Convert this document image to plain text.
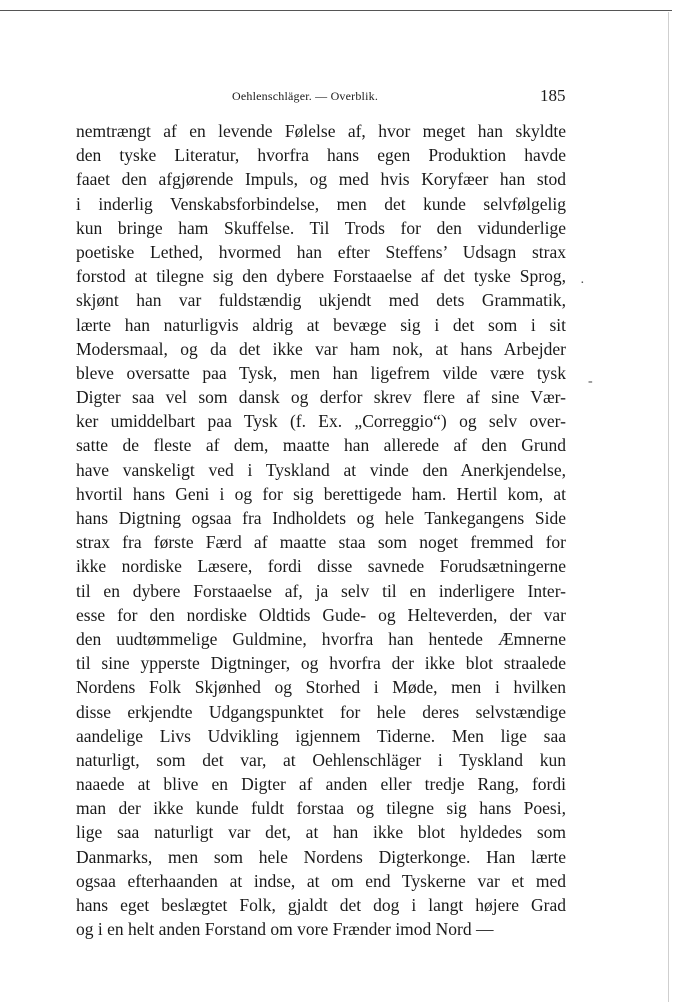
Oehlenschläger. — Overblik.	185
nemtrængt af en levende Følelse af, hvor meget han skyldte
den tyske Literatur, hvorfra hans egen Produktion havde
faaet den afgjørende Impuls, og med hvis Koryfæer han stod
i inderlig Venskabsforbindelse, men det kunde selvfølgelig
kun bringe ham Skuffelse. Til Trods for den vidunderlige
poetiske Lethed, hvormed han efter Steffens’ Udsagn strax
forstod at tilegne sig den dybere Forstaaelse af det tyske Sprog,
skjønt han var fuldstændig ukjendt med dets Grammatik,
lærte han naturligvis aldrig at bevæge sig i det som i sit
Modersmaal, og da det ikke var ham nok, at hans Arbejder
bleve oversatte paa Tysk, men han ligefrem vilde være tysk
Digter saa vel som dansk og derfor skrev flere af sine Vær-
ker umiddelbart paa Tysk (f. Ex. „Correggio“) og selv over-
satte de fleste af dem, maatte han allerede af den Grund
have vanskeligt ved i Tyskland at vinde den Anerkjendelse,
hvortil hans Geni i og for sig berettigede ham. Hertil kom, at
hans Digtning ogsaa fra Indholdets og hele Tankegangens Side
strax fra første Færd af maatte staa som noget fremmed for
ikke nordiske Læsere, fordi disse savnede Forudsætningerne
til en dybere Forstaaelse af, ja selv til en inderligere Inter-
esse for den nordiske Oldtids Gude- og Helteverden, der var
den uudtømmelige Guldmine, hvorfra han hentede Æmnerne
til sine ypperste Digtninger, og hvorfra der ikke blot straalede
Nordens Folk Skjønhed og Storhed i Møde, men i hvilken
disse erkjendte Udgangspunktet for hele deres selvstændige
aandelige Livs Udvikling igjennem Tiderne. Men lige saa
naturligt, som det var, at Oehlenschläger i Tyskland kun
naaede at blive en Digter af anden eller tredje Rang, fordi
man der ikke kunde fuldt forstaa og tilegne sig hans Poesi,
lige saa naturligt var det, at han ikke blot hyldedes som
Danmarks, men som hele Nordens Digterkonge. Han lærte
ogsaa efterhaanden at indse, at om end Tyskerne var et med
hans eget beslægtet Folk, gjaldt det dog i langt højere Grad
og i en helt anden Forstand om vore Frænder imod Nord —
·
-
